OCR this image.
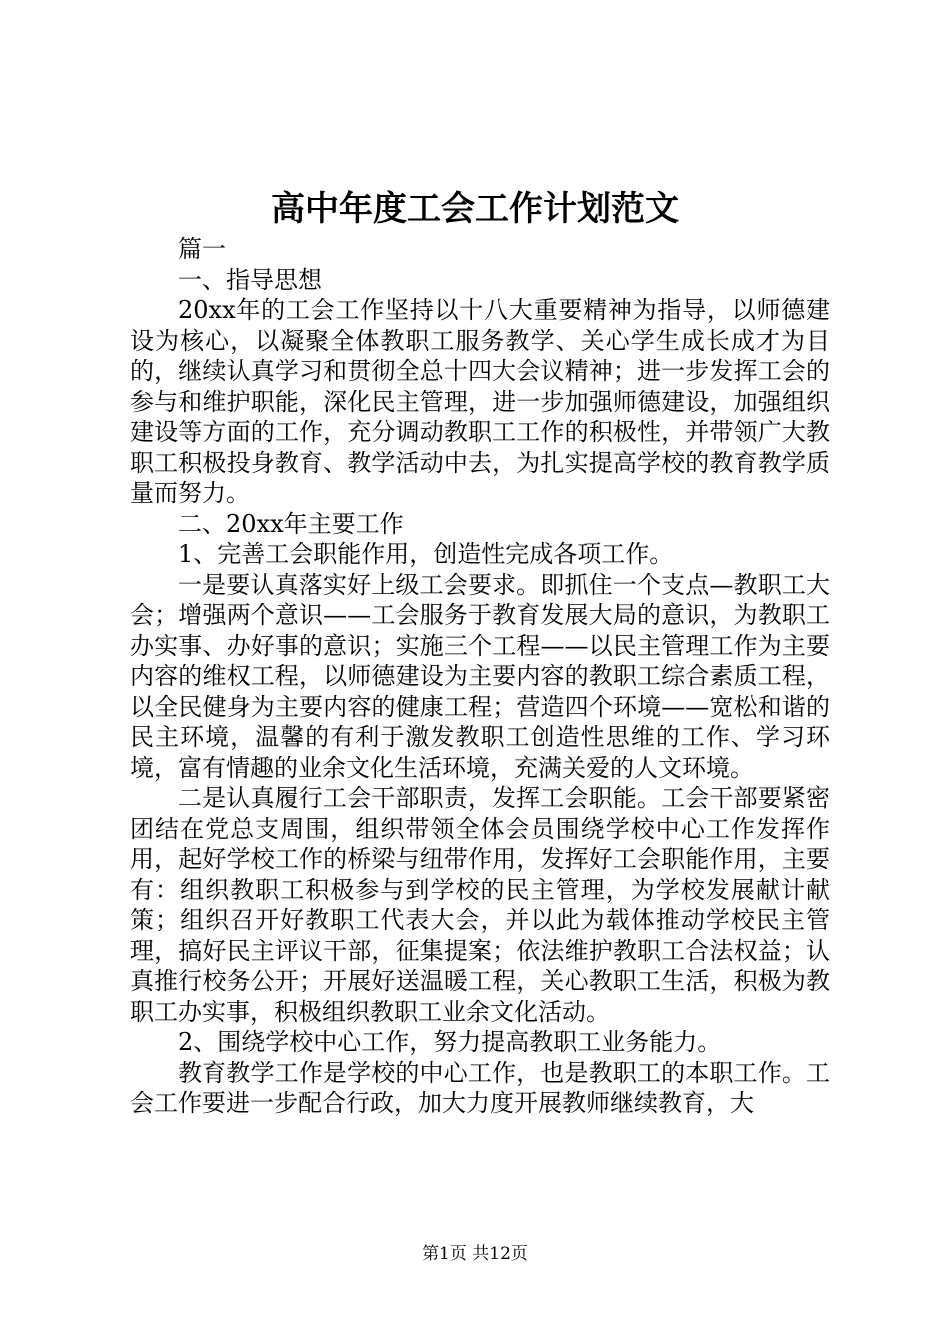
高中年度工会工作计划范文

篇一

一、指导思想

20xx年的工会工作坚持以十八大重要精神为指导，以师德建设为核心，以凝聚全体教职工服务教学、关心学生成长成才为目的，继续认真学习和贯彻全总十四大会议精神；进一步发挥工会的参与和维护职能，深化民主管理，进一步加强师德建设，加强组织建设等方面的工作，充分调动教职工工作的积极性，并带领广大教职工积极投身教育、教学活动中去，为扎实提高学校的教育教学质量而努力。

二、20xx年主要工作

1、完善工会职能作用，创造性完成各项工作。

一是要认真落实好上级工会要求。即抓住一个支点—教职工大会；增强两个意识——工会服务于教育发展大局的意识，为教职工办实事、办好事的意识；实施三个工程——以民主管理工作为主要内容的维权工程，以师德建设为主要内容的教职工综合素质工程，以全民健身为主要内容的健康工程；营造四个环境——宽松和谐的民主环境，温馨的有利于激发教职工创造性思维的工作、学习环境，富有情趣的业余文化生活环境，充满关爱的人文环境。

二是认真履行工会干部职责，发挥工会职能。工会干部要紧密团结在党总支周围，组织带领全体会员围绕学校中心工作发挥作用，起好学校工作的桥梁与纽带作用，发挥好工会职能作用，主要有：组织教职工积极参与到学校的民主管理，为学校发展献计献策；组织召开好教职工代表大会，并以此为载体推动学校民主管理，搞好民主评议干部，征集提案；依法维护教职工合法权益；认真推行校务公开；开展好送温暖工程，关心教职工生活，积极为教职工办实事，积极组织教职工业余文化活动。

2、围绕学校中心工作，努力提高教职工业务能力。

教育教学工作是学校的中心工作，也是教职工的本职工作。工会工作要进一步配合行政，加大力度开展教师继续教育，大

第1页 共12页
